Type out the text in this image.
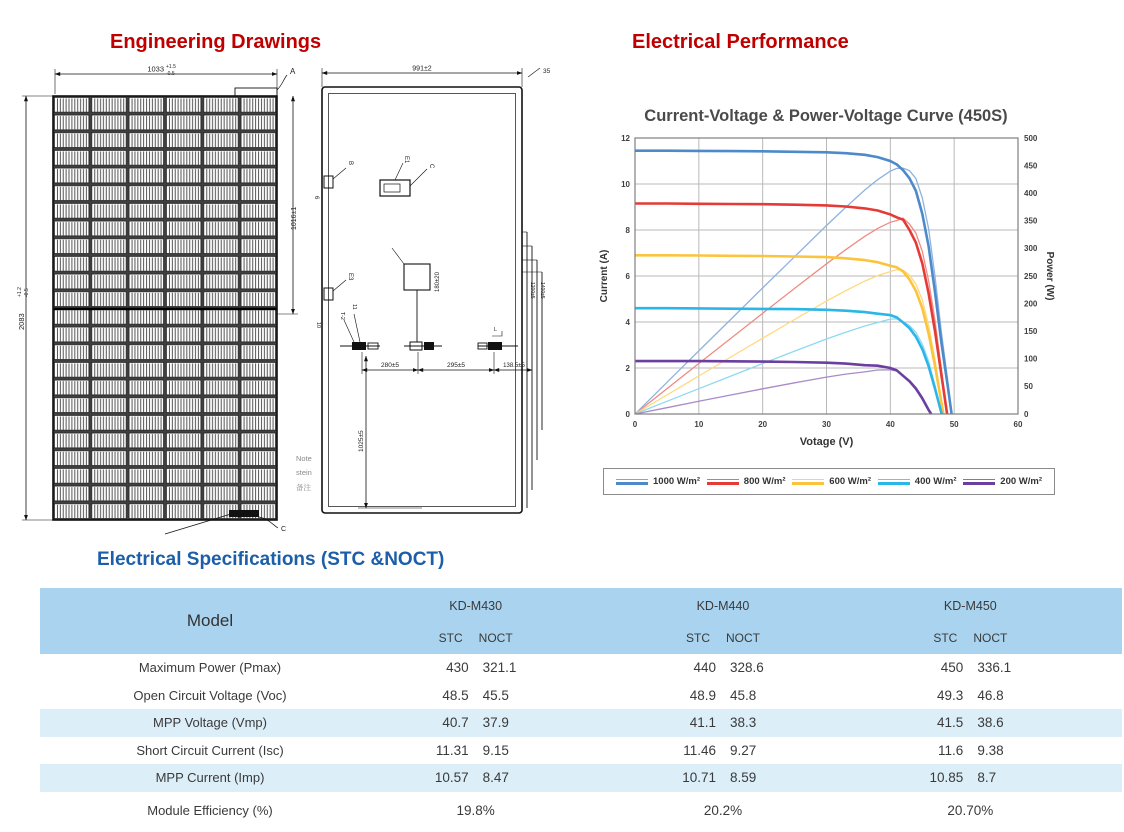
Engineering Drawings	Electrical Performance
1033 +1.5
-0.5	A
2083
+1.2 -0.5
1016±1
C
991±2	35
B
6
E3
E1
C
180±20
T-2
11
10
L
280±5	295±5	138.5±5
1025±5
1200±5 1400±5
Note
stein
备注
Current-Voltage & Power-Voltage Curve (450S)
0
2
4
6
8
10
12
0
50
100
150
200
250
300
350
400
450
500
0	10	20	30	40	50	60
Current (A)	Power (W)
Votage (V)
1000 W/m²	800 W/m²	600 W/m²	400 W/m²	200 W/m²
Electrical Specifications (STC &NOCT)
Model
KD-M430
STC NOCT
KD-M440
STC NOCT
KD-M450
STC NOCT
Maximum Power (Pmax)	430 321.1	440 328.6	450 336.1
Open Circuit Voltage (Voc)	48.5 45.5	48.9 45.8	49.3 46.8
MPP Voltage (Vmp)	40.7 37.9	41.1 38.3	41.5 38.6
Short Circuit Current (Isc)	11.31 9.15	11.46 9.27	11.6 9.38
MPP Current (Imp)	10.57 8.47	10.71 8.59	10.85 8.7
Module Efficiency (%)	19.8%	20.2%	20.70%
